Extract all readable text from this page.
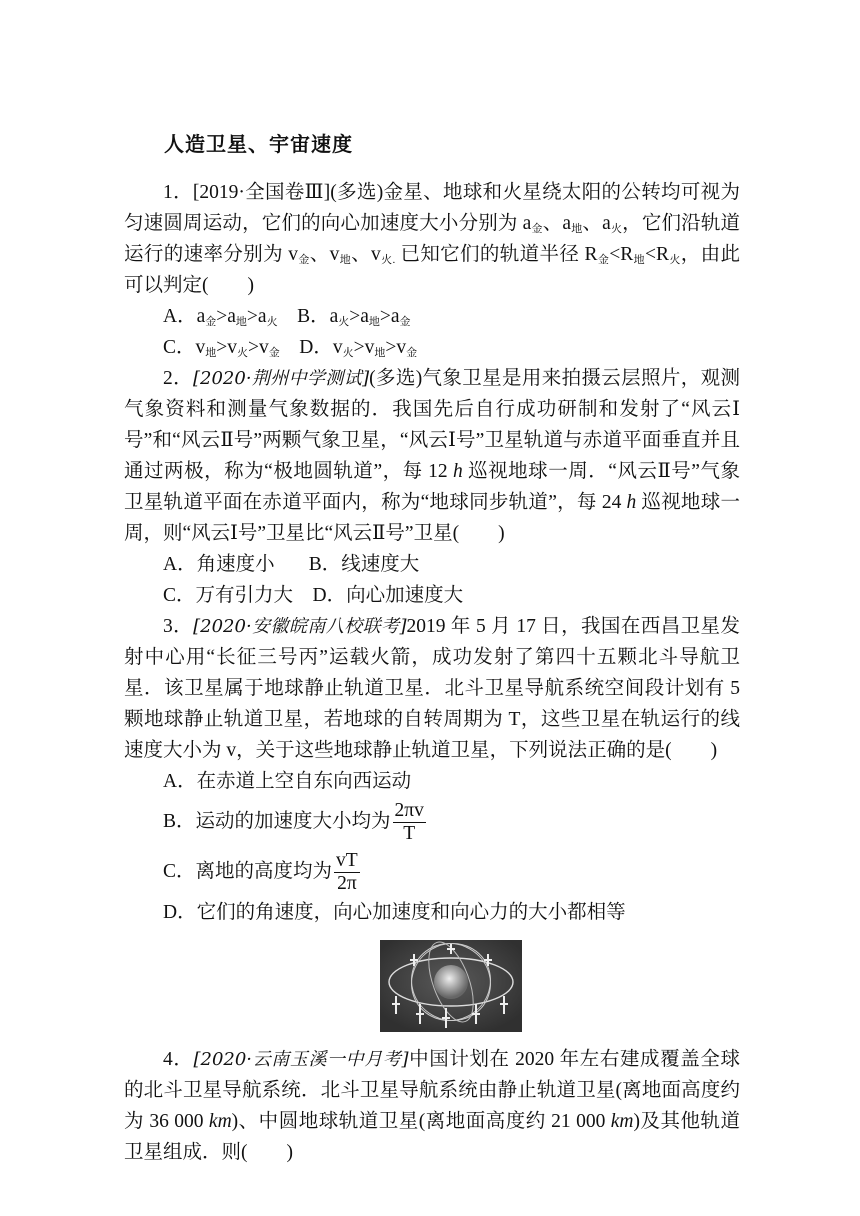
人造卫星、宇宙速度

1．[2019·全国卷Ⅲ](多选)金星、地球和火星绕太阳的公转均可视为匀速圆周运动，它们的向心加速度大小分别为 $a_金$、$a_地$、$a_火$，它们沿轨道运行的速率分别为 $v_金$、$v_地$、$v_{火.}$ 已知它们的轨道半径 $R_金<R_地<R_火$，由此可以判定(　　)

A．$a_金>a_地>a_火$ B．$a_火>a_地>a_金$

C．$v_地>v_火>v_金$ D．$v_火>v_地>v_金$

2．[2020·荆州中学测试](多选)气象卫星是用来拍摄云层照片，观测气象资料和测量气象数据的．我国先后自行成功研制和发射了“风云Ⅰ号”和“风云Ⅱ号”两颗气象卫星，“风云Ⅰ号”卫星轨道与赤道平面垂直并且通过两极，称为“极地圆轨道”，每 12 h 巡视地球一周．“风云Ⅱ号”气象卫星轨道平面在赤道平面内，称为“地球同步轨道”，每 24 h 巡视地球一周，则“风云Ⅰ号”卫星比“风云Ⅱ号”卫星(　　)

A．角速度小 B．线速度大

C．万有引力大 D．向心加速度大

3．[2020·安徽皖南八校联考]2019 年 5 月 17 日，我国在西昌卫星发射中心用“长征三号丙”运载火箭，成功发射了第四十五颗北斗导航卫星．该卫星属于地球静止轨道卫星．北斗卫星导航系统空间段计划有 5 颗地球静止轨道卫星，若地球的自转周期为 T，这些卫星在轨运行的线速度大小为 v，关于这些地球静止轨道卫星，下列说法正确的是(　　)

A．在赤道上空自东向西运动

B．运动的加速度大小均为 $\frac{2\pi v}{T}$

C．离地的高度均为 $\frac{vT}{2\pi}$

D．它们的角速度，向心加速度和向心力的大小都相等

4．[2020·云南玉溪一中月考]中国计划在 2020 年左右建成覆盖全球的北斗卫星导航系统．北斗卫星导航系统由静止轨道卫星(离地面高度约为 36 000 km)、中圆地球轨道卫星(离地面高度约 21 000 km)及其他轨道卫星组成．则(　　)
